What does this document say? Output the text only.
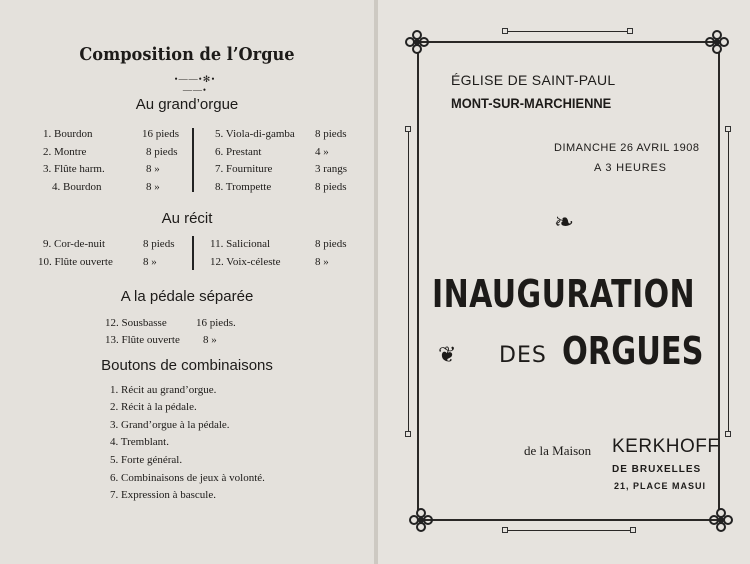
Composition de l’Orgue
•——•✻•——•
Au grand’orgue
Au récit
A la pédale séparée
Boutons de combinaisons
1. Bourdon	16 pieds
2. Montre	8 pieds
3. Flûte harm.	8 »
4. Bourdon	8 »
5. Viola-di-gamba 8 pieds
6. Prestant	4 »
7. Fourniture	3 rangs
8. Trompette	8 pieds
9. Cor-de-nuit	8 pieds
10. Flûte ouverte	8 »
11. Salicional	8 pieds
12. Voix-céleste	8 »
12. Sousbasse	16 pieds.
13. Flûte ouverte 8 »
1. Récit au grand’orgue.
2. Récit à la pédale.
3. Grand’orgue à la pédale.
4. Tremblant.
5. Forte général.
6. Combinaisons de jeux à volonté.
7. Expression à bascule.
ÉGLISE DE SAINT-PAUL
MONT-SUR-MARCHIENNE
DIMANCHE 26 AVRIL 1908
A 3 HEURES
❧
INAUGURATION
❦ DES ORGUES
de la Maison KERKHOFF
DE BRUXELLES
21, PLACE MASUI
